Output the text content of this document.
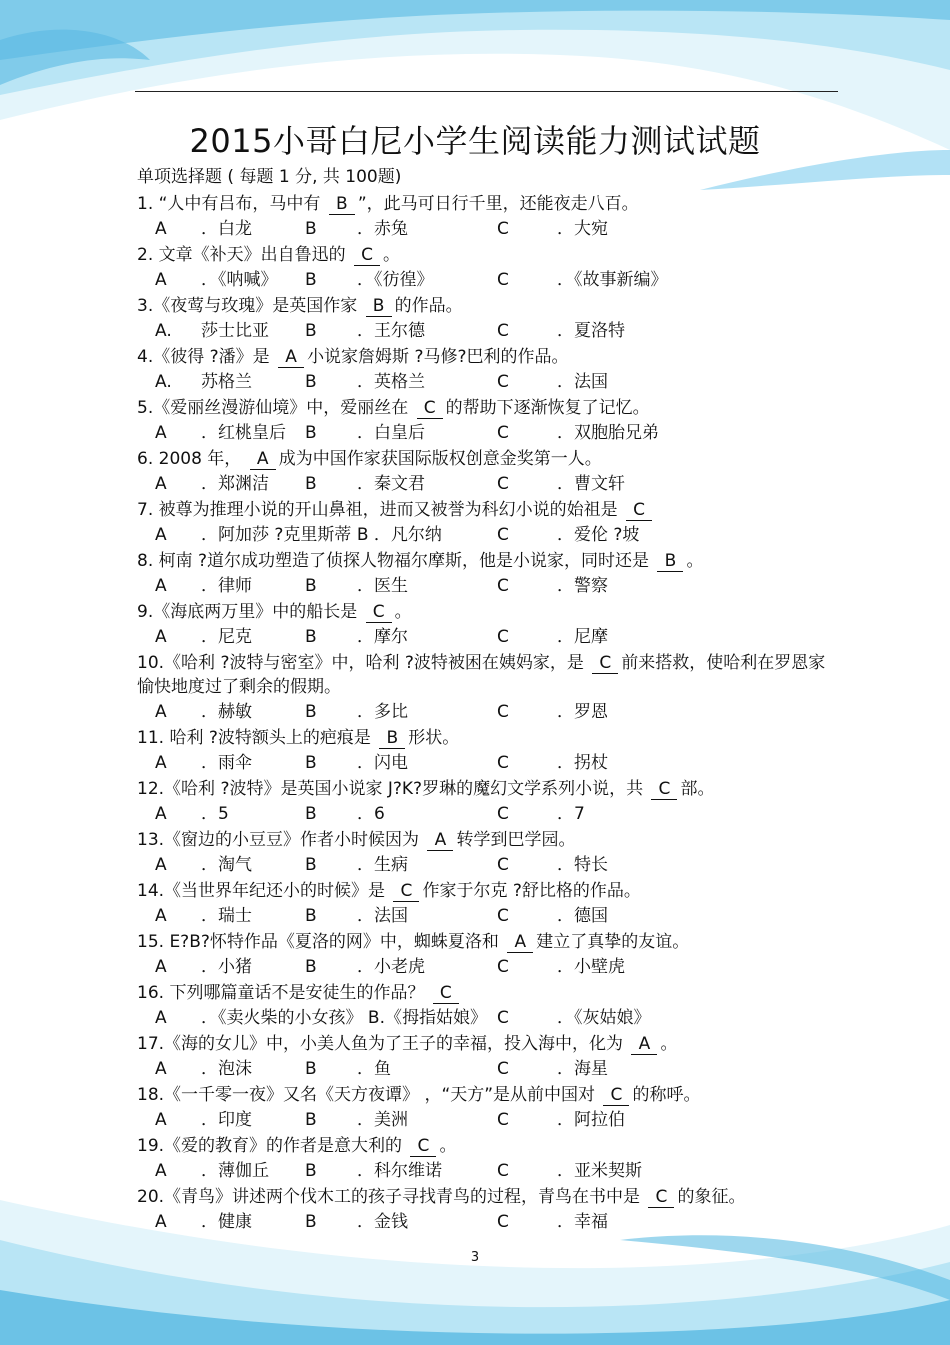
2015小哥白尼小学生阅读能力测试试题
单项选择题 ( 每题 1 分, 共 100题)

1. “人中有吕布，马中有 B ”，此马可日行千里，还能夜走八百。

A ．白龙	B ．赤兔	C	．大宛

2. 文章《补天》出自鲁迅的 C 。

A ．《呐喊》 B ．《彷徨》	C	．《故事新编》

3.《夜莺与玫瑰》是英国作家 B 的作品。

A. 莎士比亚 B ．王尔德	C	．夏洛特

4.《彼得 ?潘》是 A 小说家詹姆斯 ?马修?巴利的作品。

A. 苏格兰	B ．英格兰	C	．法国

5.《爱丽丝漫游仙境》中，爱丽丝在 C 的帮助下逐渐恢复了记忆。

A ．红桃皇后 B ．白皇后	C	．双胞胎兄弟

6. 2008 年， A 成为中国作家获国际版权创意金奖第一人。

A ．郑渊洁 B ．秦文君	C	．曹文轩

7. 被尊为推理小说的开山鼻祖，进而又被誉为科幻小说的始祖是 C

A ．阿加莎 ?克里斯蒂 B ．凡尔纳	C	．爱伦 ?坡

8. 柯南 ?道尔成功塑造了侦探人物福尔摩斯，他是小说家，同时还是 B 。

A ．律师	B ．医生	C	．警察

9.《海底两万里》中的船长是 C 。

A ．尼克	B ．摩尔	C	．尼摩

10.《哈利 ?波特与密室》中，哈利 ?波特被困在姨妈家，是 C 前来搭救，使哈利在罗恩家愉快地度过了剩余的假期。

A ．赫敏	B ．多比	C	．罗恩

11. 哈利 ?波特额头上的疤痕是 B 形状。

A ．雨伞	B ．闪电	C	．拐杖

12.《哈利 ?波特》是英国小说家 J?K?罗琳的魔幻文学系列小说，共 C 部。

A ．5	B ．6	C	．7

13.《窗边的小豆豆》作者小时候因为 A 转学到巴学园。

A ．淘气	B ．生病	C	．特长

14.《当世界年纪还小的时候》是 C 作家于尔克 ?舒比格的作品。

A ．瑞士	B ．法国	C	．德国

15. E?B?怀特作品《夏洛的网》中，蜘蛛夏洛和 A 建立了真挚的友谊。

A ．小猪	B ．小老虎	C	．小壁虎

16. 下列哪篇童话不是安徒生的作品？ C

A ．《卖火柴的小女孩》 B.《拇指姑娘》 C	．《灰姑娘》

17.《海的女儿》中，小美人鱼为了王子的幸福，投入海中，化为 A 。

A ．泡沫	B ．鱼	C	．海星

18.《一千零一夜》又名《天方夜谭》 ，“天方”是从前中国对 C 的称呼。

A ．印度	B ．美洲	C	．阿拉伯

19.《爱的教育》的作者是意大利的 C 。

A ．薄伽丘 B ．科尔维诺	C	．亚米契斯

20.《青鸟》讲述两个伐木工的孩子寻找青鸟的过程，青鸟在书中是 C 的象征。

A ．健康	B ．金钱	C	．幸福
3
